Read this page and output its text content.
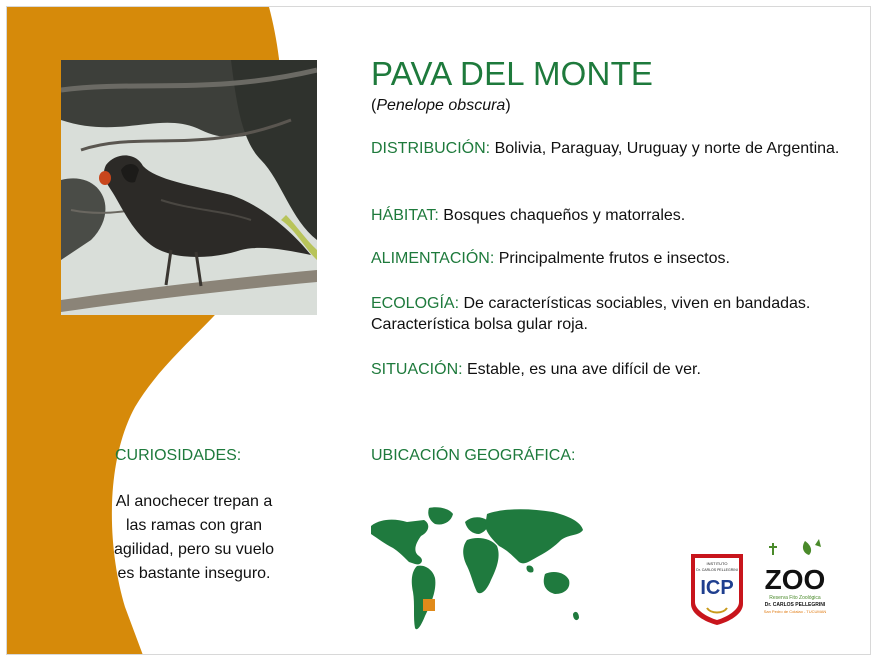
PAVA DEL MONTE
(Penelope obscura)
DISTRIBUCIÓN: Bolivia, Paraguay, Uruguay y norte de Argentina.
HÁBITAT: Bosques chaqueños y matorrales.
ALIMENTACIÓN: Principalmente frutos e insectos.
ECOLOGÍA: De características sociables, viven en bandadas. Característica bolsa gular roja.
SITUACIÓN: Estable, es una ave difícil de ver.
CURIOSIDADES:
Al anochecer trepan a
las ramas con gran
agilidad, pero su vuelo
es bastante inseguro.
UBICACIÓN GEOGRÁFICA:
INSTITUTO
Dr. CARLOS PELLEGRINI
ICP ZOO
Reserva Fito Zoológica
Dr. CARLOS PELLEGRINI
San Pedro de Colalao - TUCUMAN
